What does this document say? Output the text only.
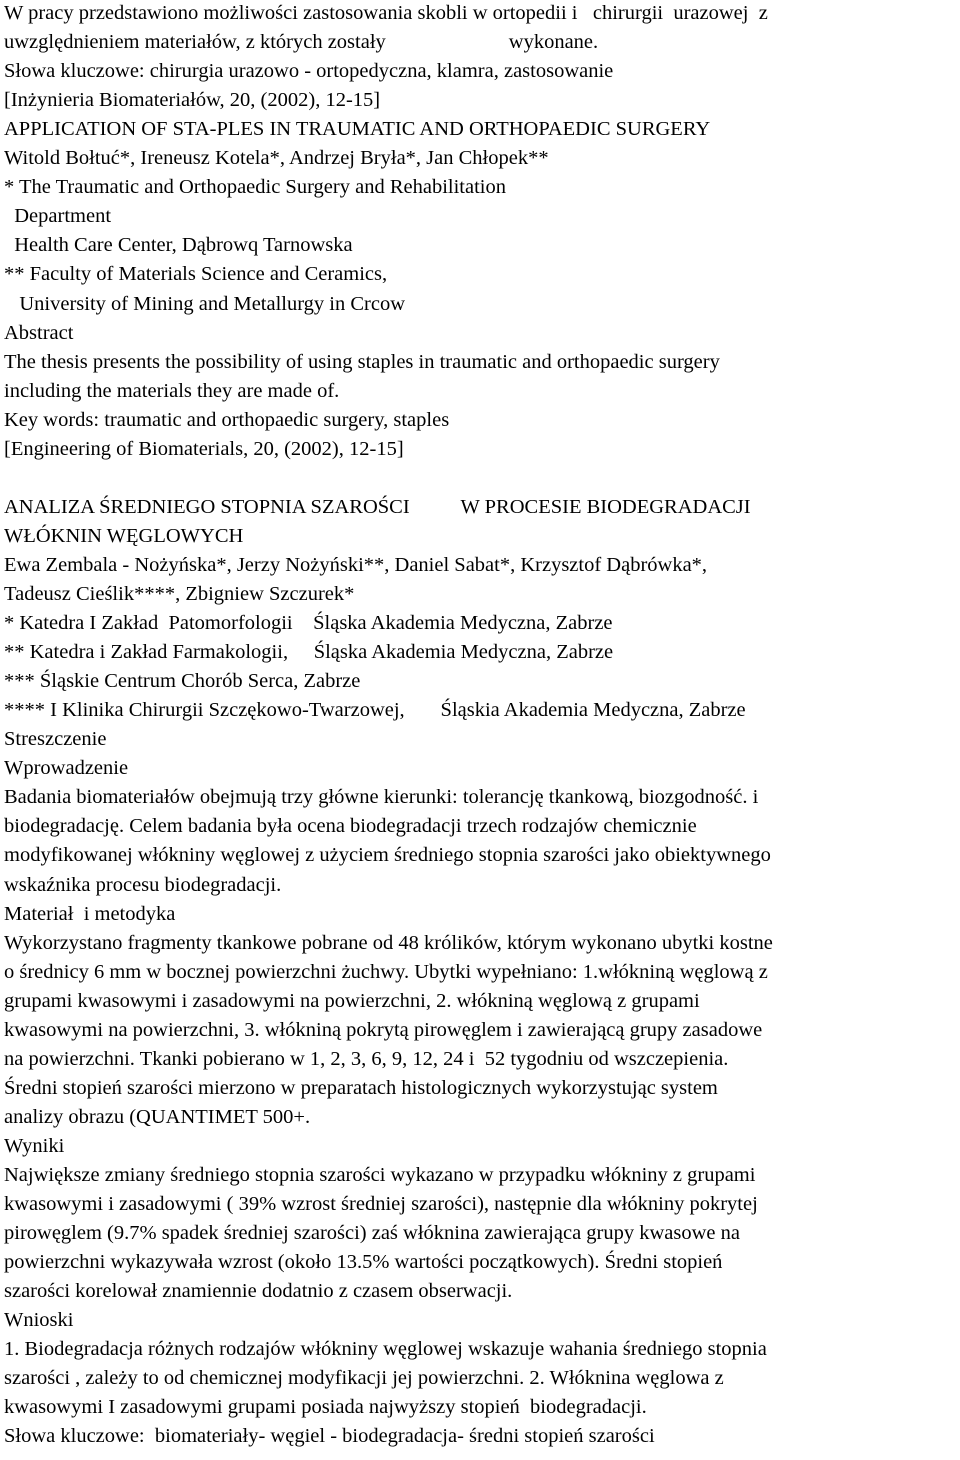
W pracy przedstawiono możliwości zastosowania skobli w ortopedii i   chirurgii  urazowej  z
uwzględnieniem materiałów, z których zostały                        wykonane.
Słowa kluczowe: chirurgia urazowo - ortopedyczna, klamra, zastosowanie
[Inżynieria Biomateriałów, 20, (2002), 12-15]
APPLICATION OF STA-PLES IN TRAUMATIC AND ORTHOPAEDIC SURGERY
Witold Bołtuć*, Ireneusz Kotela*, Andrzej Bryła*, Jan Chłopek**
* The Traumatic and Orthopaedic Surgery and Rehabilitation
Department
Health Care Center, Dąbrowq Tarnowska
** Faculty of Materials Science and Ceramics,
University of Mining and Metallurgy in Crcow
Abstract
The thesis presents the possibility of using staples in traumatic and orthopaedic surgery
including the materials they are made of.
Key words: traumatic and orthopaedic surgery, staples
[Engineering of Biomaterials, 20, (2002), 12-15]
ANALIZA ŚREDNIEGO STOPNIA SZAROŚCI          W PROCESIE BIODEGRADACJI
WŁÓKNIN WĘGLOWYCH
Ewa Zembala - Nożyńska*, Jerzy Nożyński**, Daniel Sabat*, Krzysztof Dąbrówka*,
Tadeusz Cieślik****, Zbigniew Szczurek*
* Katedra I Zakład  Patomorfologii    Śląska Akademia Medyczna, Zabrze
** Katedra i Zakład Farmakologii,     Śląska Akademia Medyczna, Zabrze
*** Śląskie Centrum Chorób Serca, Zabrze
**** I Klinika Chirurgii Szczękowo-Twarzowej,       Śląskia Akademia Medyczna, Zabrze
Streszczenie
Wprowadzenie
Badania biomateriałów obejmują trzy główne kierunki: tolerancję tkankową, biozgodność. i
biodegradację. Celem badania była ocena biodegradacji trzech rodzajów chemicznie
modyfikowanej włókniny węglowej z użyciem średniego stopnia szarości jako obiektywnego
wskaźnika procesu biodegradacji.
Materiał  i metodyka
Wykorzystano fragmenty tkankowe pobrane od 48 królików, którym wykonano ubytki kostne
o średnicy 6 mm w bocznej powierzchni żuchwy. Ubytki wypełniano: 1.włókniną węglową z
grupami kwasowymi i zasadowymi na powierzchni, 2. włókniną węglową z grupami
kwasowymi na powierzchni, 3. włókniną pokrytą pirowęglem i zawierającą grupy zasadowe
na powierzchni. Tkanki pobierano w 1, 2, 3, 6, 9, 12, 24 i  52 tygodniu od wszczepienia.
Średni stopień szarości mierzono w preparatach histologicznych wykorzystując system
analizy obrazu (QUANTIMET 500+.
Wyniki
Największe zmiany średniego stopnia szarości wykazano w przypadku włókniny z grupami
kwasowymi i zasadowymi ( 39% wzrost średniej szarości), następnie dla włókniny pokrytej
pirowęglem (9.7% spadek średniej szarości) zaś włóknina zawierająca grupy kwasowe na
powierzchni wykazywała wzrost (około 13.5% wartości początkowych). Średni stopień
szarości korelował znamiennie dodatnio z czasem obserwacji.
Wnioski
1. Biodegradacja różnych rodzajów włókniny węglowej wskazuje wahania średniego stopnia
szarości , zależy to od chemicznej modyfikacji jej powierzchni. 2. Włóknina węglowa z
kwasowymi I zasadowymi grupami posiada najwyższy stopień  biodegradacji.
Słowa kluczowe:  biomateriały- węgiel - biodegradacja- średni stopień szarości
